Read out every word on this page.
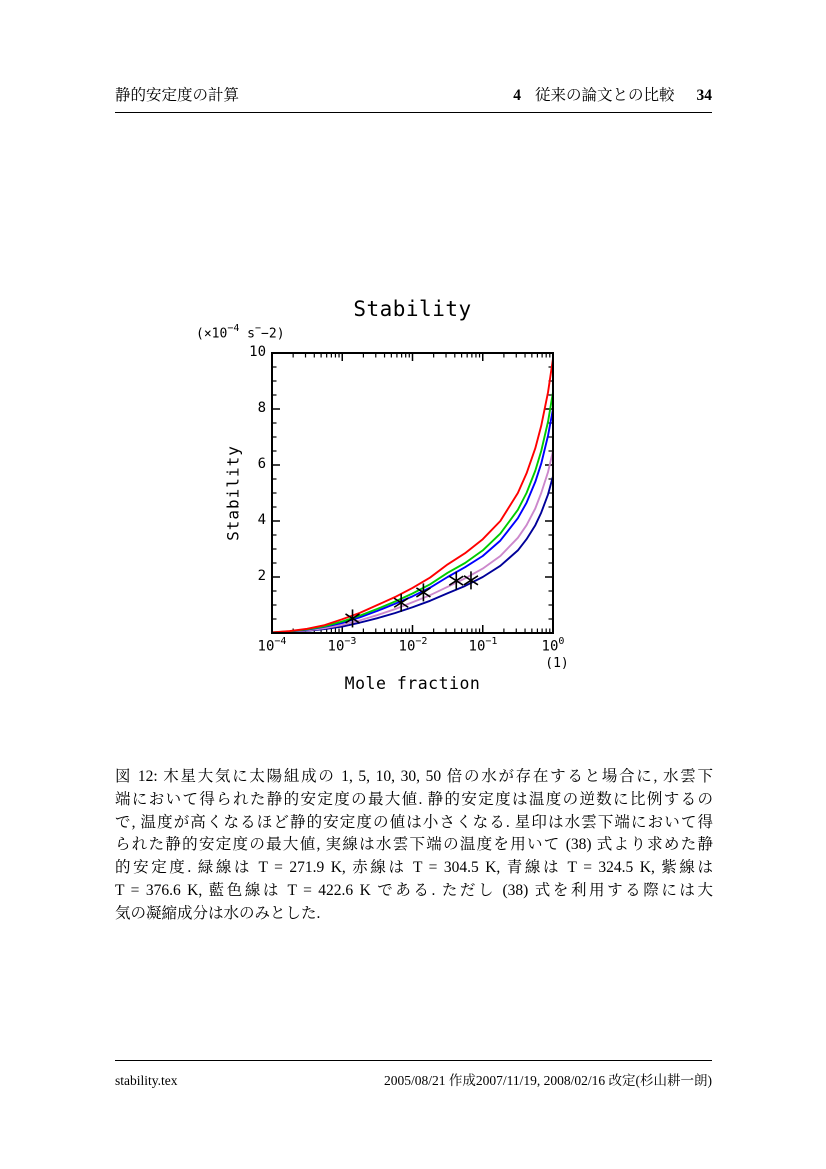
静的安定度の計算	4 従来の論文との比較 34
Stability
($\times 10^{-4}$ s−−2)
Stability
10
8
6
4
2
$10^{-4}$	$10^{-3}$	$10^{-2}$	$10^{-1}$	$10^0$
(1)
Mole fraction
図 12: 木星大気に太陽組成の 1, 5, 10, 30, 50 倍の水が存在すると場合に, 水雲下
端において得られた静的安定度の最大値. 静的安定度は温度の逆数に比例するの
で, 温度が高くなるほど静的安定度の値は小さくなる. 星印は水雲下端において得
られた静的安定度の最大値, 実線は水雲下端の温度を用いて (38) 式より求めた静
的安定度. 緑線は T = 271.9 K, 赤線は T = 304.5 K, 青線は T = 324.5 K, 紫線は
T = 376.6 K, 藍色線は T = 422.6 K である. ただし (38) 式を利用する際には大
気の凝縮成分は水のみとした.
stability.tex	2005/08/21 作成2007/11/19, 2008/02/16 改定(杉山耕一朗)
